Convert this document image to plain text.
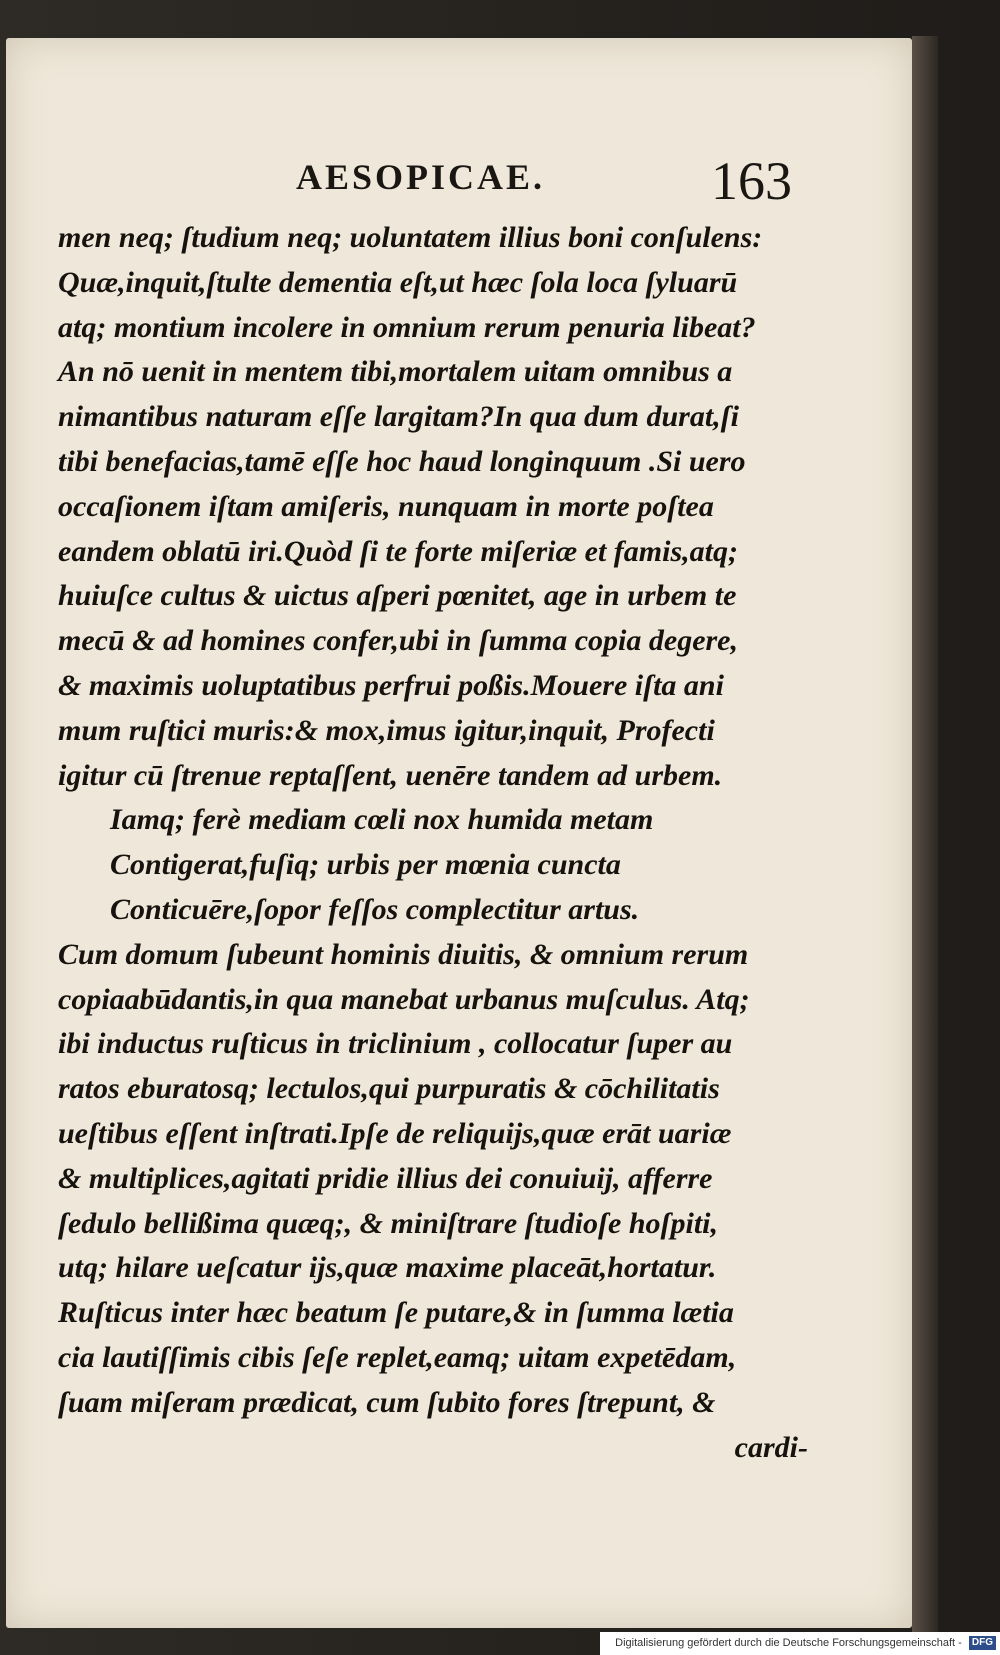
AESOPICAE.	163
men neq; ſtudium neq; uoluntatem illius boni conſulens:
Quæ,inquit,ſtulte dementia eſt,ut hæc ſola loca ſyluarū
atq; montium incolere in omnium rerum penuria libeat?
An nō uenit in mentem tibi,mortalem uitam omnibus a
nimantibus naturam eſſe largitam?In qua dum durat,ſi
tibi benefacias,tamē eſſe hoc haud longinquum .Si uero
occaſionem iſtam amiſeris, nunquam in morte poſtea
eandem oblatū iri.Quòd ſi te forte miſeriæ et famis,atq;
huiuſce cultus & uictus aſperi pœnitet, age in urbem te
mecū & ad homines confer,ubi in ſumma copia degere,
& maximis uoluptatibus perfrui poßis.Mouere iſta ani
mum ruſtici muris:& mox,imus igitur,inquit, Profecti
igitur cū ſtrenue reptaſſent, uenēre tandem ad urbem.
Iamq; ferè mediam cœli nox humida metam
Contigerat,fuſiq; urbis per mœnia cuncta
Conticuēre,ſopor feſſos complectitur artus.
Cum domum ſubeunt hominis diuitis, & omnium rerum
copiaabūdantis,in qua manebat urbanus muſculus. Atq;
ibi inductus ruſticus in triclinium , collocatur ſuper au
ratos eburatosq; lectulos,qui purpuratis & cōchilitatis
ueſtibus eſſent inſtrati.Ipſe de reliquijs,quæ erāt uariæ
& multiplices,agitati pridie illius dei conuiuij, afferre
ſedulo bellißima quæq;, & miniſtrare ſtudioſe hoſpiti,
utq; hilare ueſcatur ijs,quæ maxime placeāt,hortatur.
Ruſticus inter hæc beatum ſe putare,& in ſumma lætia
cia lautiſſimis cibis ſeſe replet,eamq; uitam expetēdam,
ſuam miſeram prædicat, cum ſubito fores ſtrepunt, &
cardi-
Digitalisierung gefördert durch die Deutsche Forschungsgemeinschaft - DFG
